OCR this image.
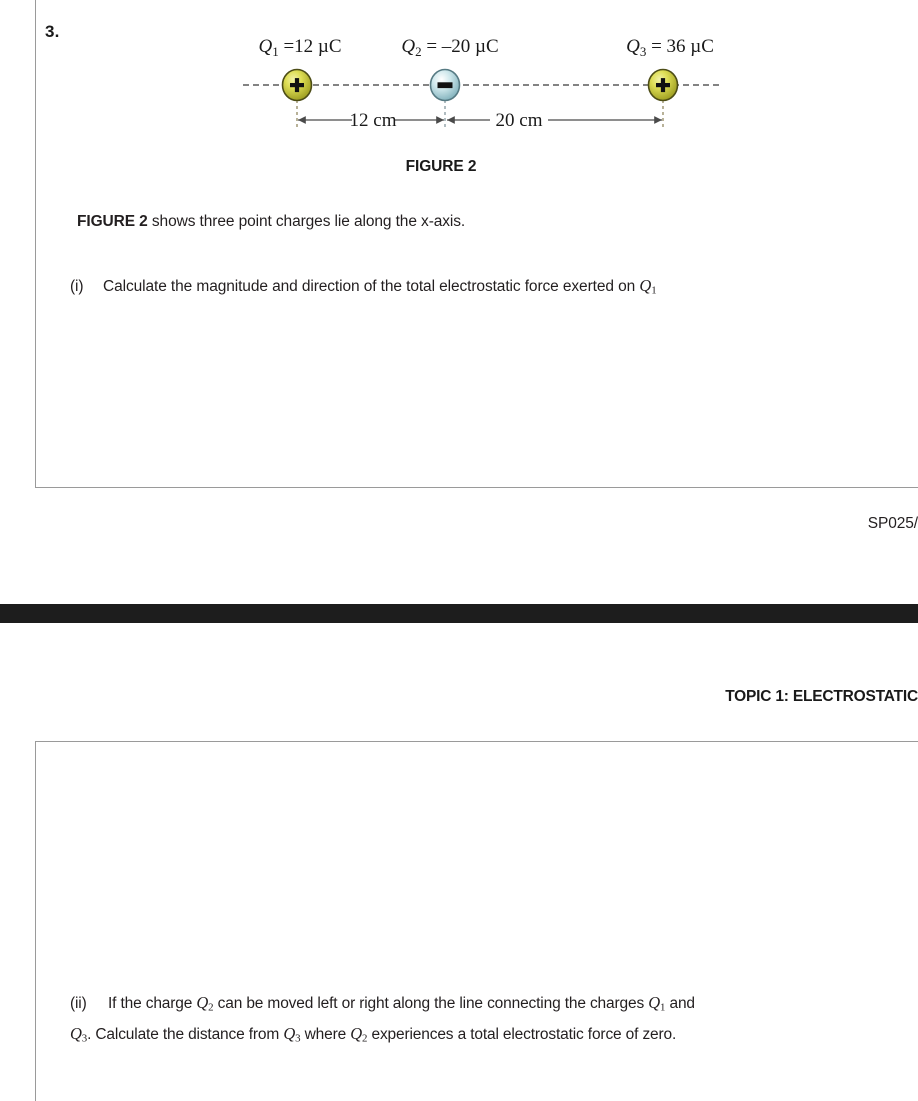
3.
$Q_1 =12$ µC	$Q_2 = -20$ µC	$Q_3 = 36$ µC
12 cm	20 cm
FIGURE 2
FIGURE 2 shows three point charges lie along the x-axis.
(i) Calculate the magnitude and direction of the total electrostatic force exerted on $Q_1$
SP025/
TOPIC 1: ELECTROSTATIC
(ii) If the charge $Q_2$ can be moved left or right along the line connecting the charges $Q_1$ and
$Q_3$. Calculate the distance from $Q_3$ where $Q_2$ experiences a total electrostatic force of zero.
